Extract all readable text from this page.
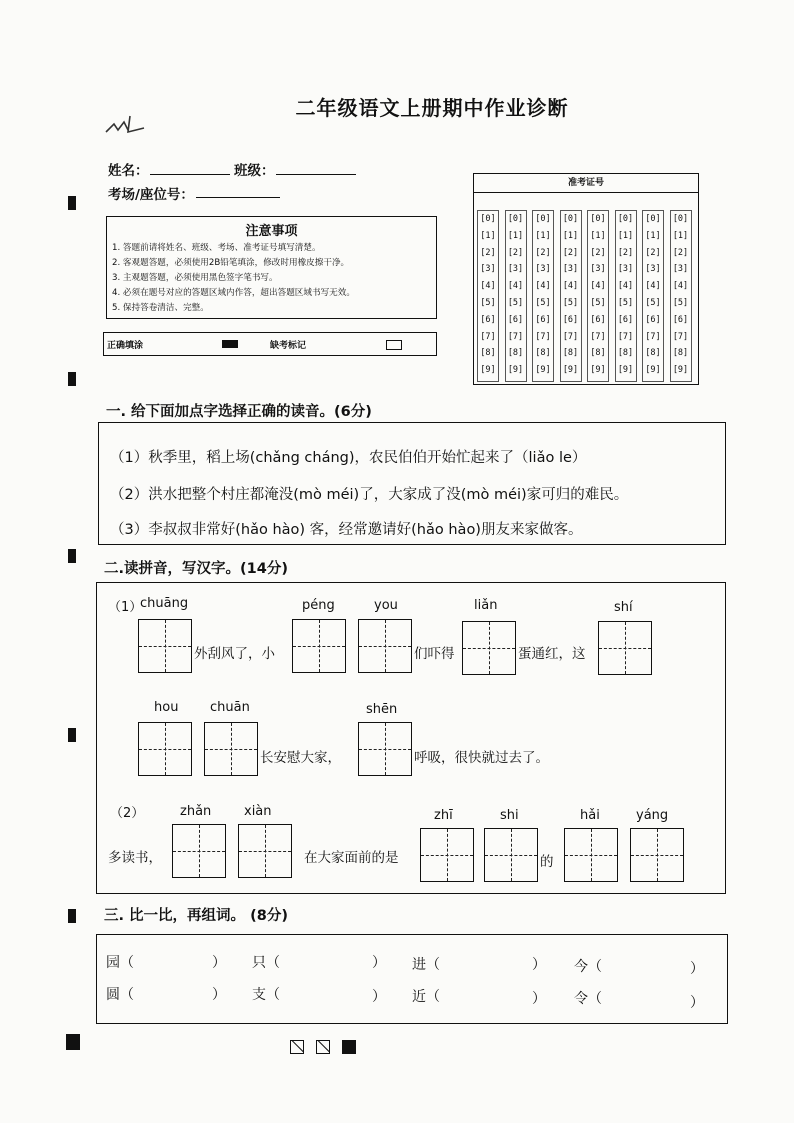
二年级语文上册期中作业诊断
姓名：	班级：
考场/座位号：
注意事项
1. 答题前请将姓名、班级、考场、准考证号填写清楚。
2. 客观题答题，必须使用2B铅笔填涂，修改时用橡皮擦干净。
3. 主观题答题，必须使用黑色签字笔书写。
4. 必须在题号对应的答题区域内作答，超出答题区域书写无效。
5. 保持答卷清洁、完整。
正确填涂	缺考标记
准考证号
[0]
[1]
[2]
[3]
[4]
[5]
[6]
[7]
[8]
[9]
[0]
[1]
[2]
[3]
[4]
[5]
[6]
[7]
[8]
[9]
[0]
[1]
[2]
[3]
[4]
[5]
[6]
[7]
[8]
[9]
[0]
[1]
[2]
[3]
[4]
[5]
[6]
[7]
[8]
[9]
[0]
[1]
[2]
[3]
[4]
[5]
[6]
[7]
[8]
[9]
[0]
[1]
[2]
[3]
[4]
[5]
[6]
[7]
[8]
[9]
[0]
[1]
[2]
[3]
[4]
[5]
[6]
[7]
[8]
[9]
[0]
[1]
[2]
[3]
[4]
[5]
[6]
[7]
[8]
[9]
一. 给下面加点字选择正确的读音。(6分)
（1）秋季里，稻上场(chǎng cháng)，农民伯伯开始忙起来了（liǎo le）
（2）洪水把整个村庄都淹没(mò méi)了，大家成了没(mò méi)家可归的难民。
（3）李叔叔非常好(hǎo hào) 客，经常邀请好(hǎo hào)朋友来家做客。
二.读拼音，写汉字。(14分)
（1）
chuāng
外刮风了，小
péng	you
们吓得
liǎn
蛋通红，这
shí
hou chuān
长安慰大家，
shēn
呼吸，很快就过去了。
（2）
多读书，
zhǎn	xiàn
在大家面前的是
zhī	shi
的
hǎi	yáng
三. 比一比，再组词。 (8分)
园（	） 只（	） 进（	） 今（	）
圆（	） 支（	） 近（	） 令（	）
